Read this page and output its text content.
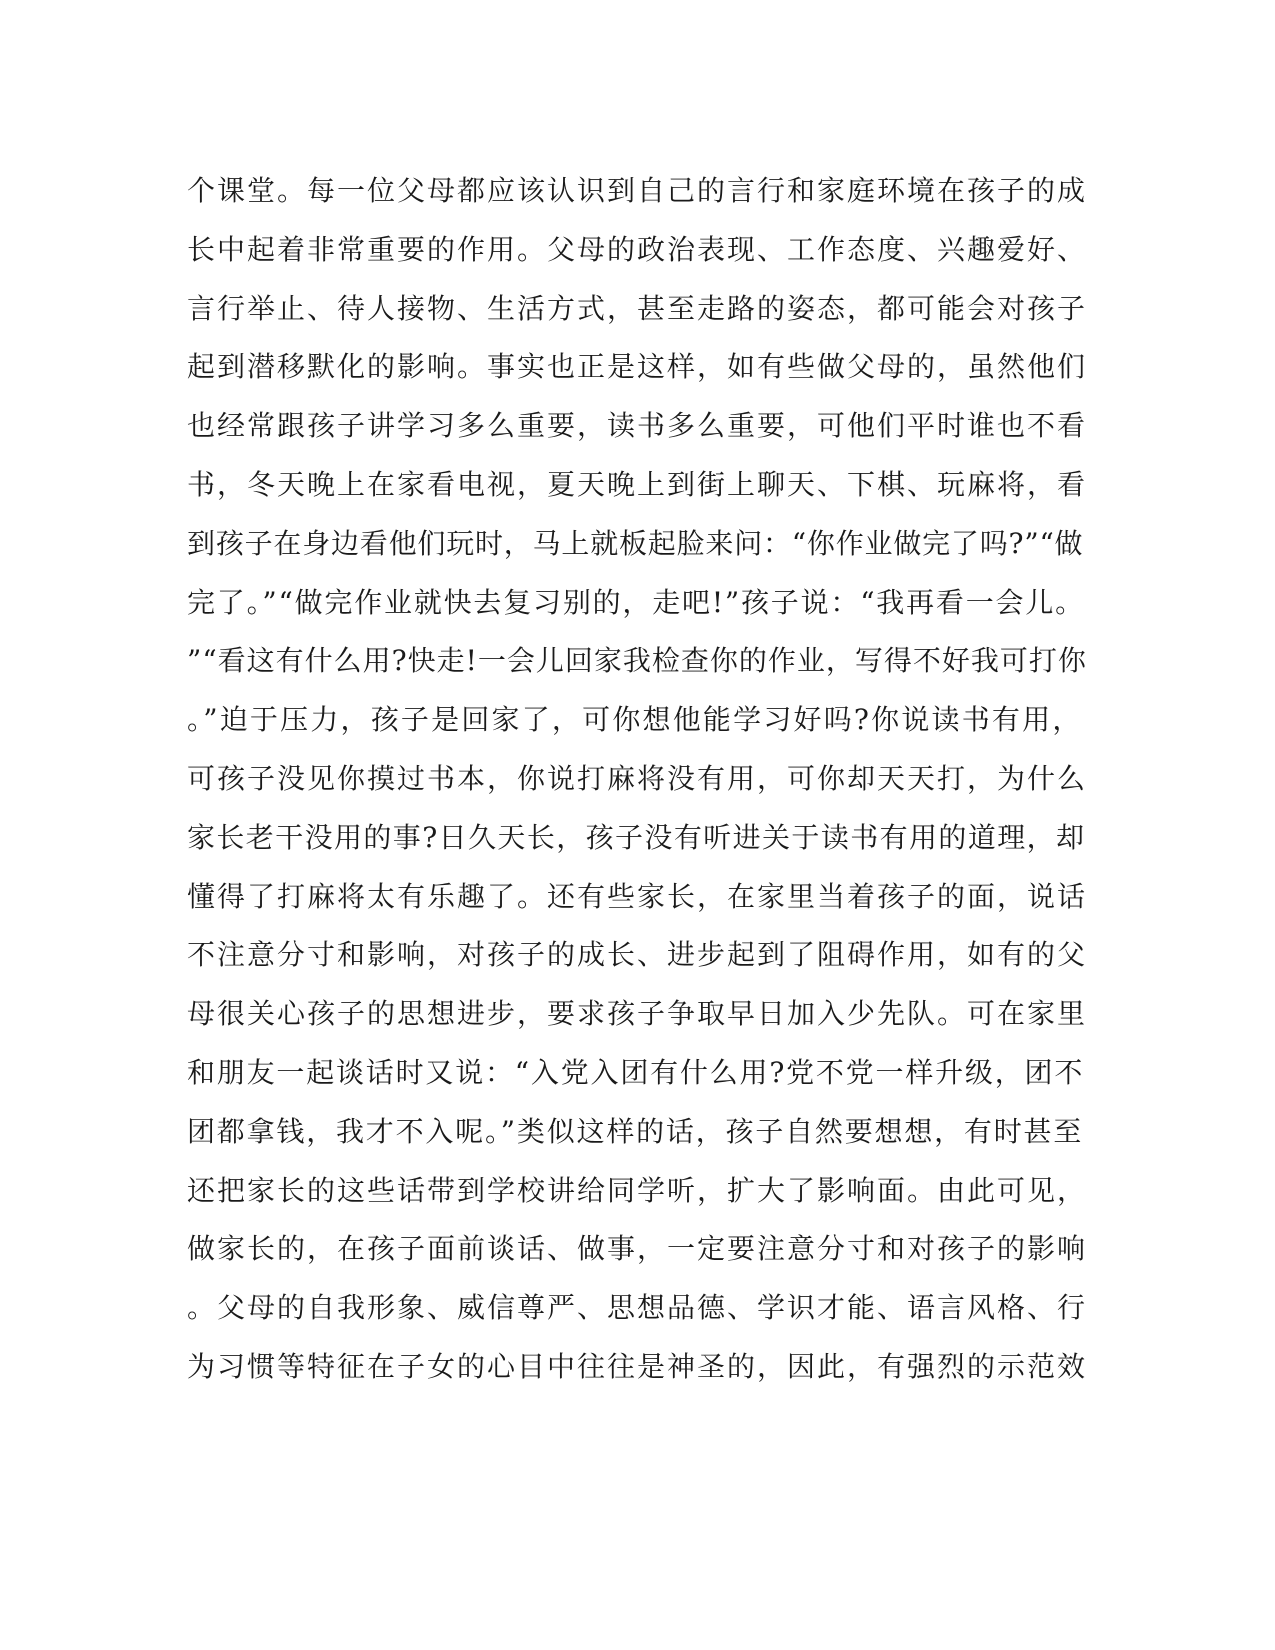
个课堂。每一位父母都应该认识到自己的言行和家庭环境在孩子的成
长中起着非常重要的作用。父母的政治表现、工作态度、兴趣爱好、
言行举止、待人接物、生活方式，甚至走路的姿态，都可能会对孩子
起到潜移默化的影响。事实也正是这样，如有些做父母的，虽然他们
也经常跟孩子讲学习多么重要，读书多么重要，可他们平时谁也不看
书，冬天晚上在家看电视，夏天晚上到街上聊天、下棋、玩麻将，看
到孩子在身边看他们玩时，马上就板起脸来问：“你作业做完了吗?”“做
完了。”“做完作业就快去复习别的，走吧!”孩子说：“我再看一会儿。
”“看这有什么用?快走!一会儿回家我检查你的作业，写得不好我可打你
。”迫于压力，孩子是回家了，可你想他能学习好吗?你说读书有用，
可孩子没见你摸过书本，你说打麻将没有用，可你却天天打，为什么
家长老干没用的事?日久天长，孩子没有听进关于读书有用的道理，却
懂得了打麻将太有乐趣了。还有些家长，在家里当着孩子的面，说话
不注意分寸和影响，对孩子的成长、进步起到了阻碍作用，如有的父
母很关心孩子的思想进步，要求孩子争取早日加入少先队。可在家里
和朋友一起谈话时又说：“入党入团有什么用?党不党一样升级，团不
团都拿钱，我才不入呢。”类似这样的话，孩子自然要想想，有时甚至
还把家长的这些话带到学校讲给同学听，扩大了影响面。由此可见，
做家长的，在孩子面前谈话、做事，一定要注意分寸和对孩子的影响
。父母的自我形象、威信尊严、思想品德、学识才能、语言风格、行
为习惯等特征在子女的心目中往往是神圣的，因此，有强烈的示范效
